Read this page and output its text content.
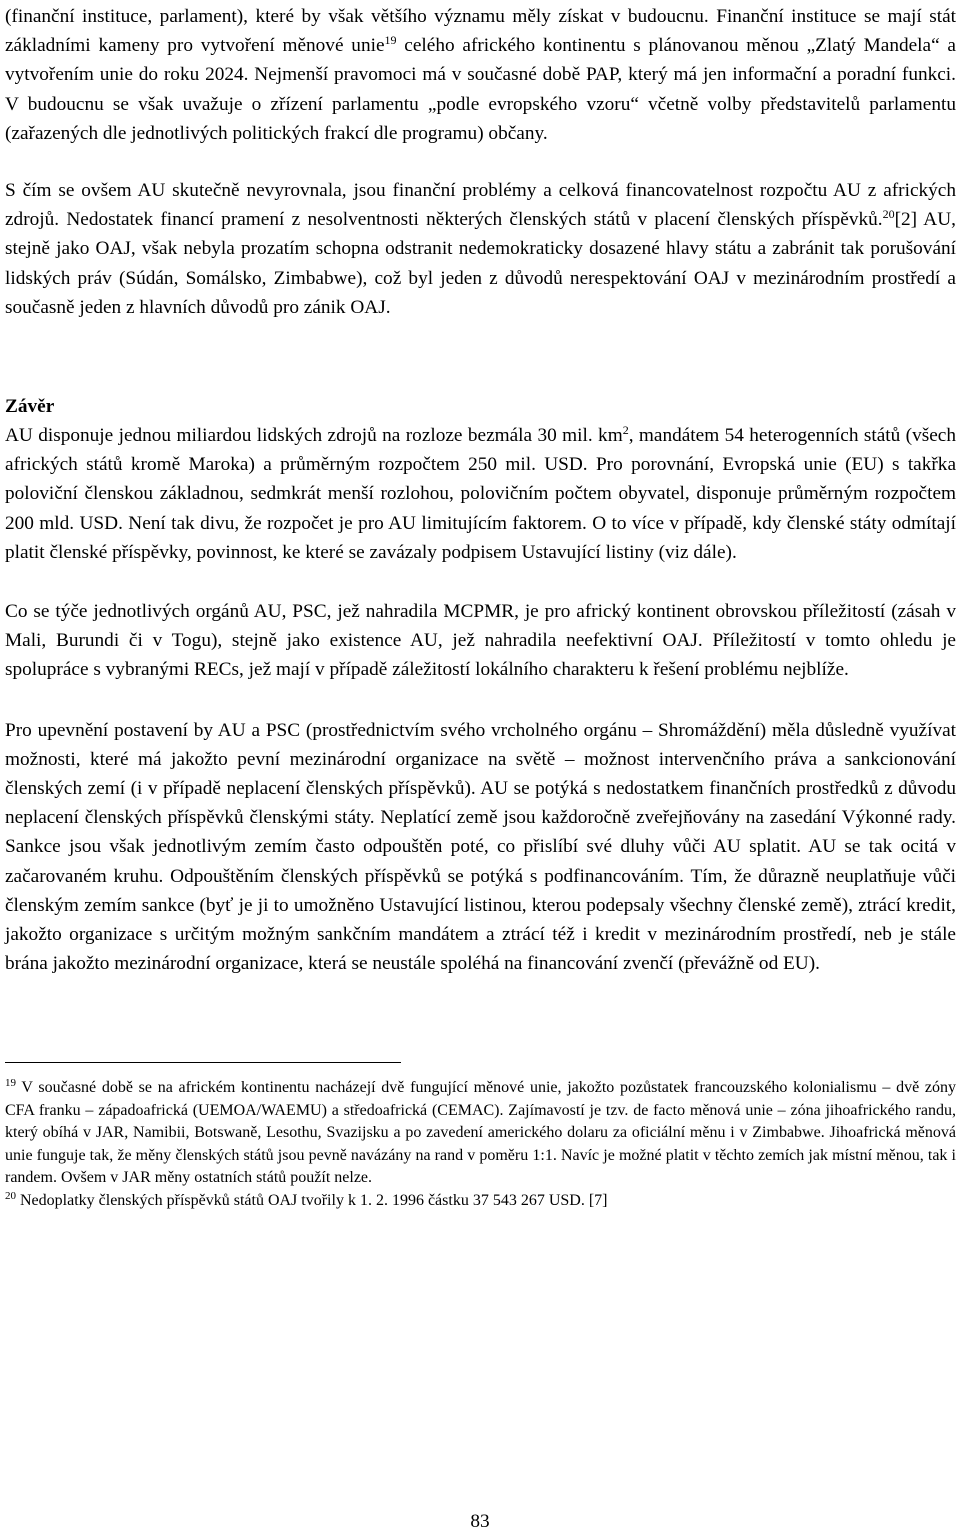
(finanční instituce, parlament), které by však většího významu měly získat v budoucnu. Finanční instituce se mají stát základními kameny pro vytvoření měnové unie$^{19}$ celého afrického kontinentu s plánovanou měnou „Zlatý Mandela“ a vytvořením unie do roku 2024. Nejmenší pravomoci má v současné době PAP, který má jen informační a poradní funkci. V budoucnu se však uvažuje o zřízení parlamentu „podle evropského vzoru“ včetně volby představitelů parlamentu (zařazených dle jednotlivých politických frakcí dle programu) občany.

S čím se ovšem AU skutečně nevyrovnala, jsou finanční problémy a celková financovatelnost rozpočtu AU z afrických zdrojů. Nedostatek financí pramení z nesolventnosti některých členských států v placení členských příspěvků.$^{20}$[2] AU, stejně jako OAJ, však nebyla prozatím schopna odstranit nedemokraticky dosazené hlavy státu a zabránit tak porušování lidských práv (Súdán, Somálsko, Zimbabwe), což byl jeden z důvodů nerespektování OAJ v mezinárodním prostředí a současně jeden z hlavních důvodů pro zánik OAJ.

Závěr

AU disponuje jednou miliardou lidských zdrojů na rozloze bezmála 30 mil. $km^2$, mandátem 54 heterogenních států (všech afrických států kromě Maroka) a průměrným rozpočtem 250 mil. USD. Pro porovnání, Evropská unie (EU) s takřka poloviční členskou základnou, sedmkrát menší rozlohou, polovičním počtem obyvatel, disponuje průměrným rozpočtem 200 mld. USD. Není tak divu, že rozpočet je pro AU limitujícím faktorem. O to více v případě, kdy členské státy odmítají platit členské příspěvky, povinnost, ke které se zavázaly podpisem Ustavující listiny (viz dále).

Co se týče jednotlivých orgánů AU, PSC, jež nahradila MCPMR, je pro africký kontinent obrovskou příležitostí (zásah v Mali, Burundi či v Togu), stejně jako existence AU, jež nahradila neefektivní OAJ. Příležitostí v tomto ohledu je spolupráce s vybranými RECs, jež mají v případě záležitostí lokálního charakteru k řešení problému nejblíže.

Pro upevnění postavení by AU a PSC (prostřednictvím svého vrcholného orgánu – Shromáždění) měla důsledně využívat možnosti, které má jakožto pevní mezinárodní organizace na světě – možnost intervenčního práva a sankcionování členských zemí (i v případě neplacení členských příspěvků). AU se potýká s nedostatkem finančních prostředků z důvodu neplacení členských příspěvků členskými státy. Neplatící země jsou každoročně zveřejňovány na zasedání Výkonné rady. Sankce jsou však jednotlivým zemím často odpouštěn poté, co přislíbí své dluhy vůči AU splatit. AU se tak ocitá v začarovaném kruhu. Odpouštěním členských příspěvků se potýká s podfinancováním. Tím, že důrazně neuplatňuje vůči členským zemím sankce (byť je ji to umožněno Ustavující listinou, kterou podepsaly všechny členské země), ztrácí kredit, jakožto organizace s určitým možným sankčním mandátem a ztrácí též i kredit v mezinárodním prostředí, neb je stále brána jakožto mezinárodní organizace, která se neustále spoléhá na financování zvenčí (převážně od EU).

$^{19}$ V současné době se na africkém kontinentu nacházejí dvě fungující měnové unie, jakožto pozůstatek francouzského kolonialismu – dvě zóny CFA franku – západoafrická (UEMOA/WAEMU) a středoafrická (CEMAC). Zajímavostí je tzv. de facto měnová unie – zóna jihoafrického randu, který obíhá v JAR, Namibii, Botswaně, Lesothu, Svazijsku a po zavedení amerického dolaru za oficiální měnu i v Zimbabwe. Jihoafrická měnová unie funguje tak, že měny členských států jsou pevně navázány na rand v poměru 1:1. Navíc je možné platit v těchto zemích jak místní měnou, tak i randem. Ovšem v JAR měny ostatních států použít nelze.

$^{20}$ Nedoplatky členských příspěvků států OAJ tvořily k 1. 2. 1996 částku 37 543 267 USD. [7]

83
